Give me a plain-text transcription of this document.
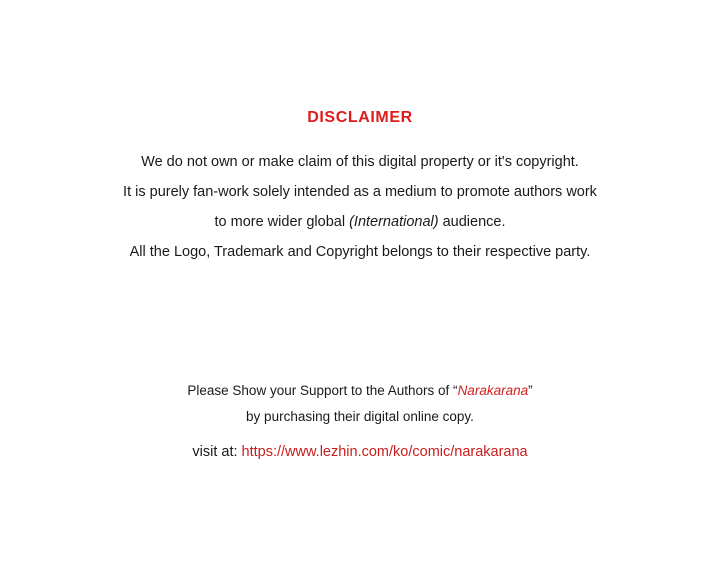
DISCLAIMER

We do not own or make claim of this digital property or it's copyright.

It is purely fan-work solely intended as a medium to promote authors work

to more wider global (International) audience.

All the Logo, Trademark and Copyright belongs to their respective party.

Please Show your Support to the Authors of “Narakarana”

by purchasing their digital online copy.

visit at: https://www.lezhin.com/ko/comic/narakarana
